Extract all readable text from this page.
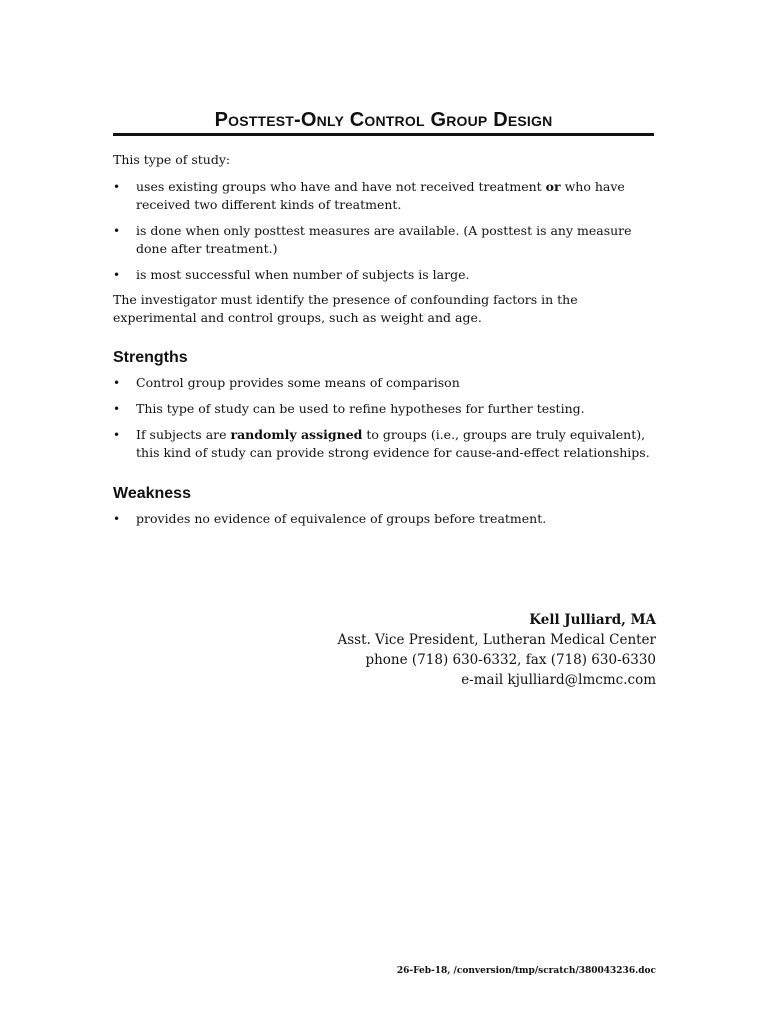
Posttest-Only Control Group Design
This type of study:
• uses existing groups who have and have not received treatment or who have received two different kinds of treatment.
• is done when only posttest measures are available. (A posttest is any measure done after treatment.)
• is most successful when number of subjects is large.
The investigator must identify the presence of confounding factors in the experimental and control groups, such as weight and age.
Strengths
• Control group provides some means of comparison
• This type of study can be used to refine hypotheses for further testing.
• If subjects are randomly assigned to groups (i.e., groups are truly equivalent), this kind of study can provide strong evidence for cause-and-effect relationships.
Weakness
• provides no evidence of equivalence of groups before treatment.
Kell Julliard, MA
Asst. Vice President, Lutheran Medical Center
phone (718) 630-6332, fax (718) 630-6330
e-mail kjulliard@lmcmc.com
26-Feb-18, /conversion/tmp/scratch/380043236.doc
